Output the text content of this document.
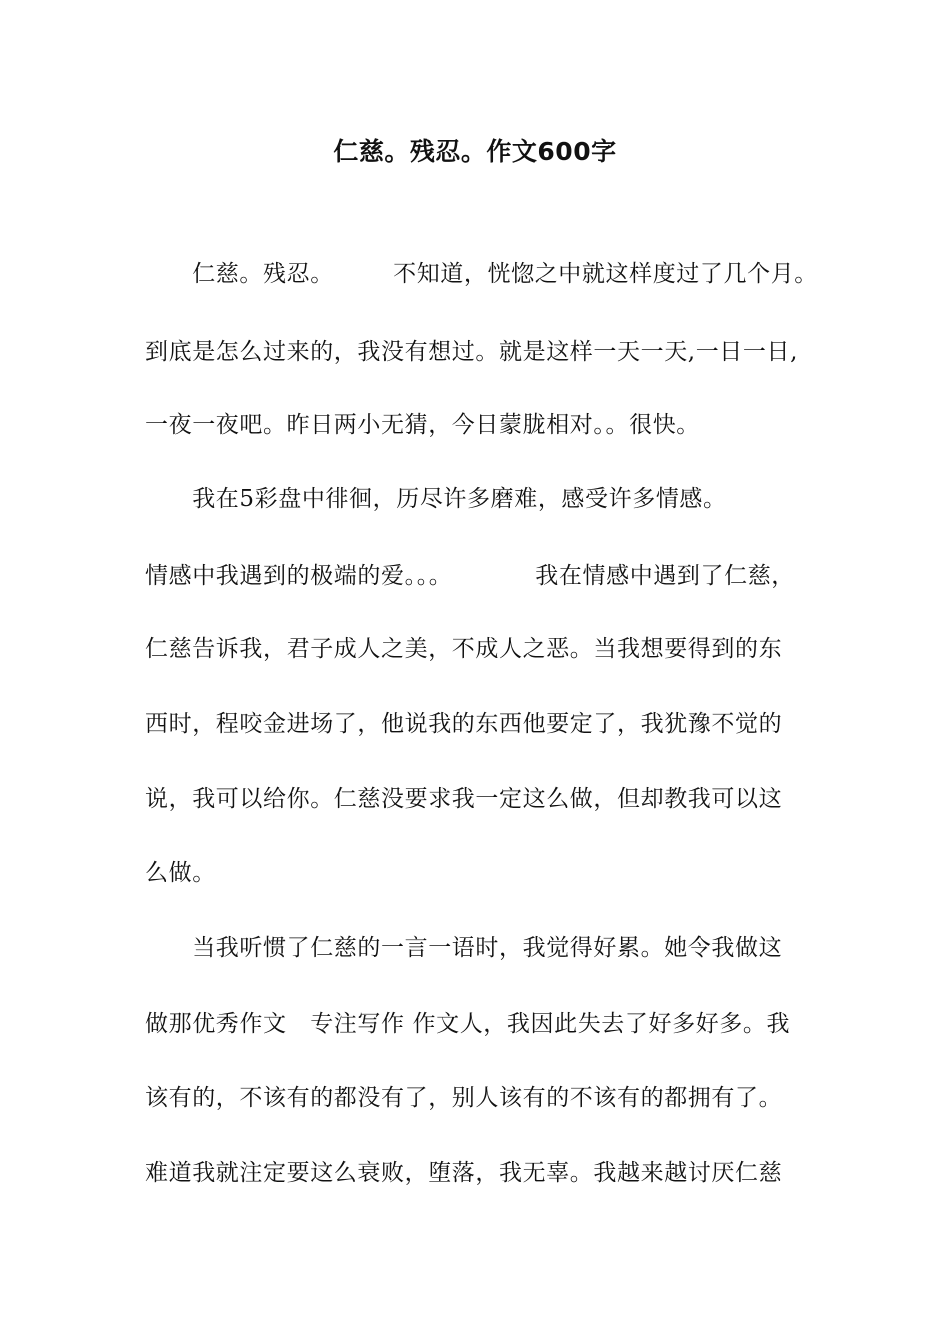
仁慈。残忍。作文600字
　　仁慈。残忍。　　　不知道，恍惚之中就这样度过了几个月。
到底是怎么过来的，我没有想过。就是这样一天一天,一日一日,
一夜一夜吧。昨日两小无猜，今日蒙胧相对。。很快。
　　我在5彩盘中徘徊，历尽许多磨难，感受许多情感。
情感中我遇到的极端的爱。。。　　　　我在情感中遇到了仁慈，
仁慈告诉我，君子成人之美，不成人之恶。当我想要得到的东
西时，程咬金进场了，他说我的东西他要定了，我犹豫不觉的
说，我可以给你。仁慈没要求我一定这么做，但却教我可以这
么做。
　　当我听惯了仁慈的一言一语时，我觉得好累。她令我做这
做那优秀作文　专注写作 作文人，我因此失去了好多好多。我
该有的，不该有的都没有了，别人该有的不该有的都拥有了。
难道我就注定要这么衰败，堕落，我无辜。我越来越讨厌仁慈
